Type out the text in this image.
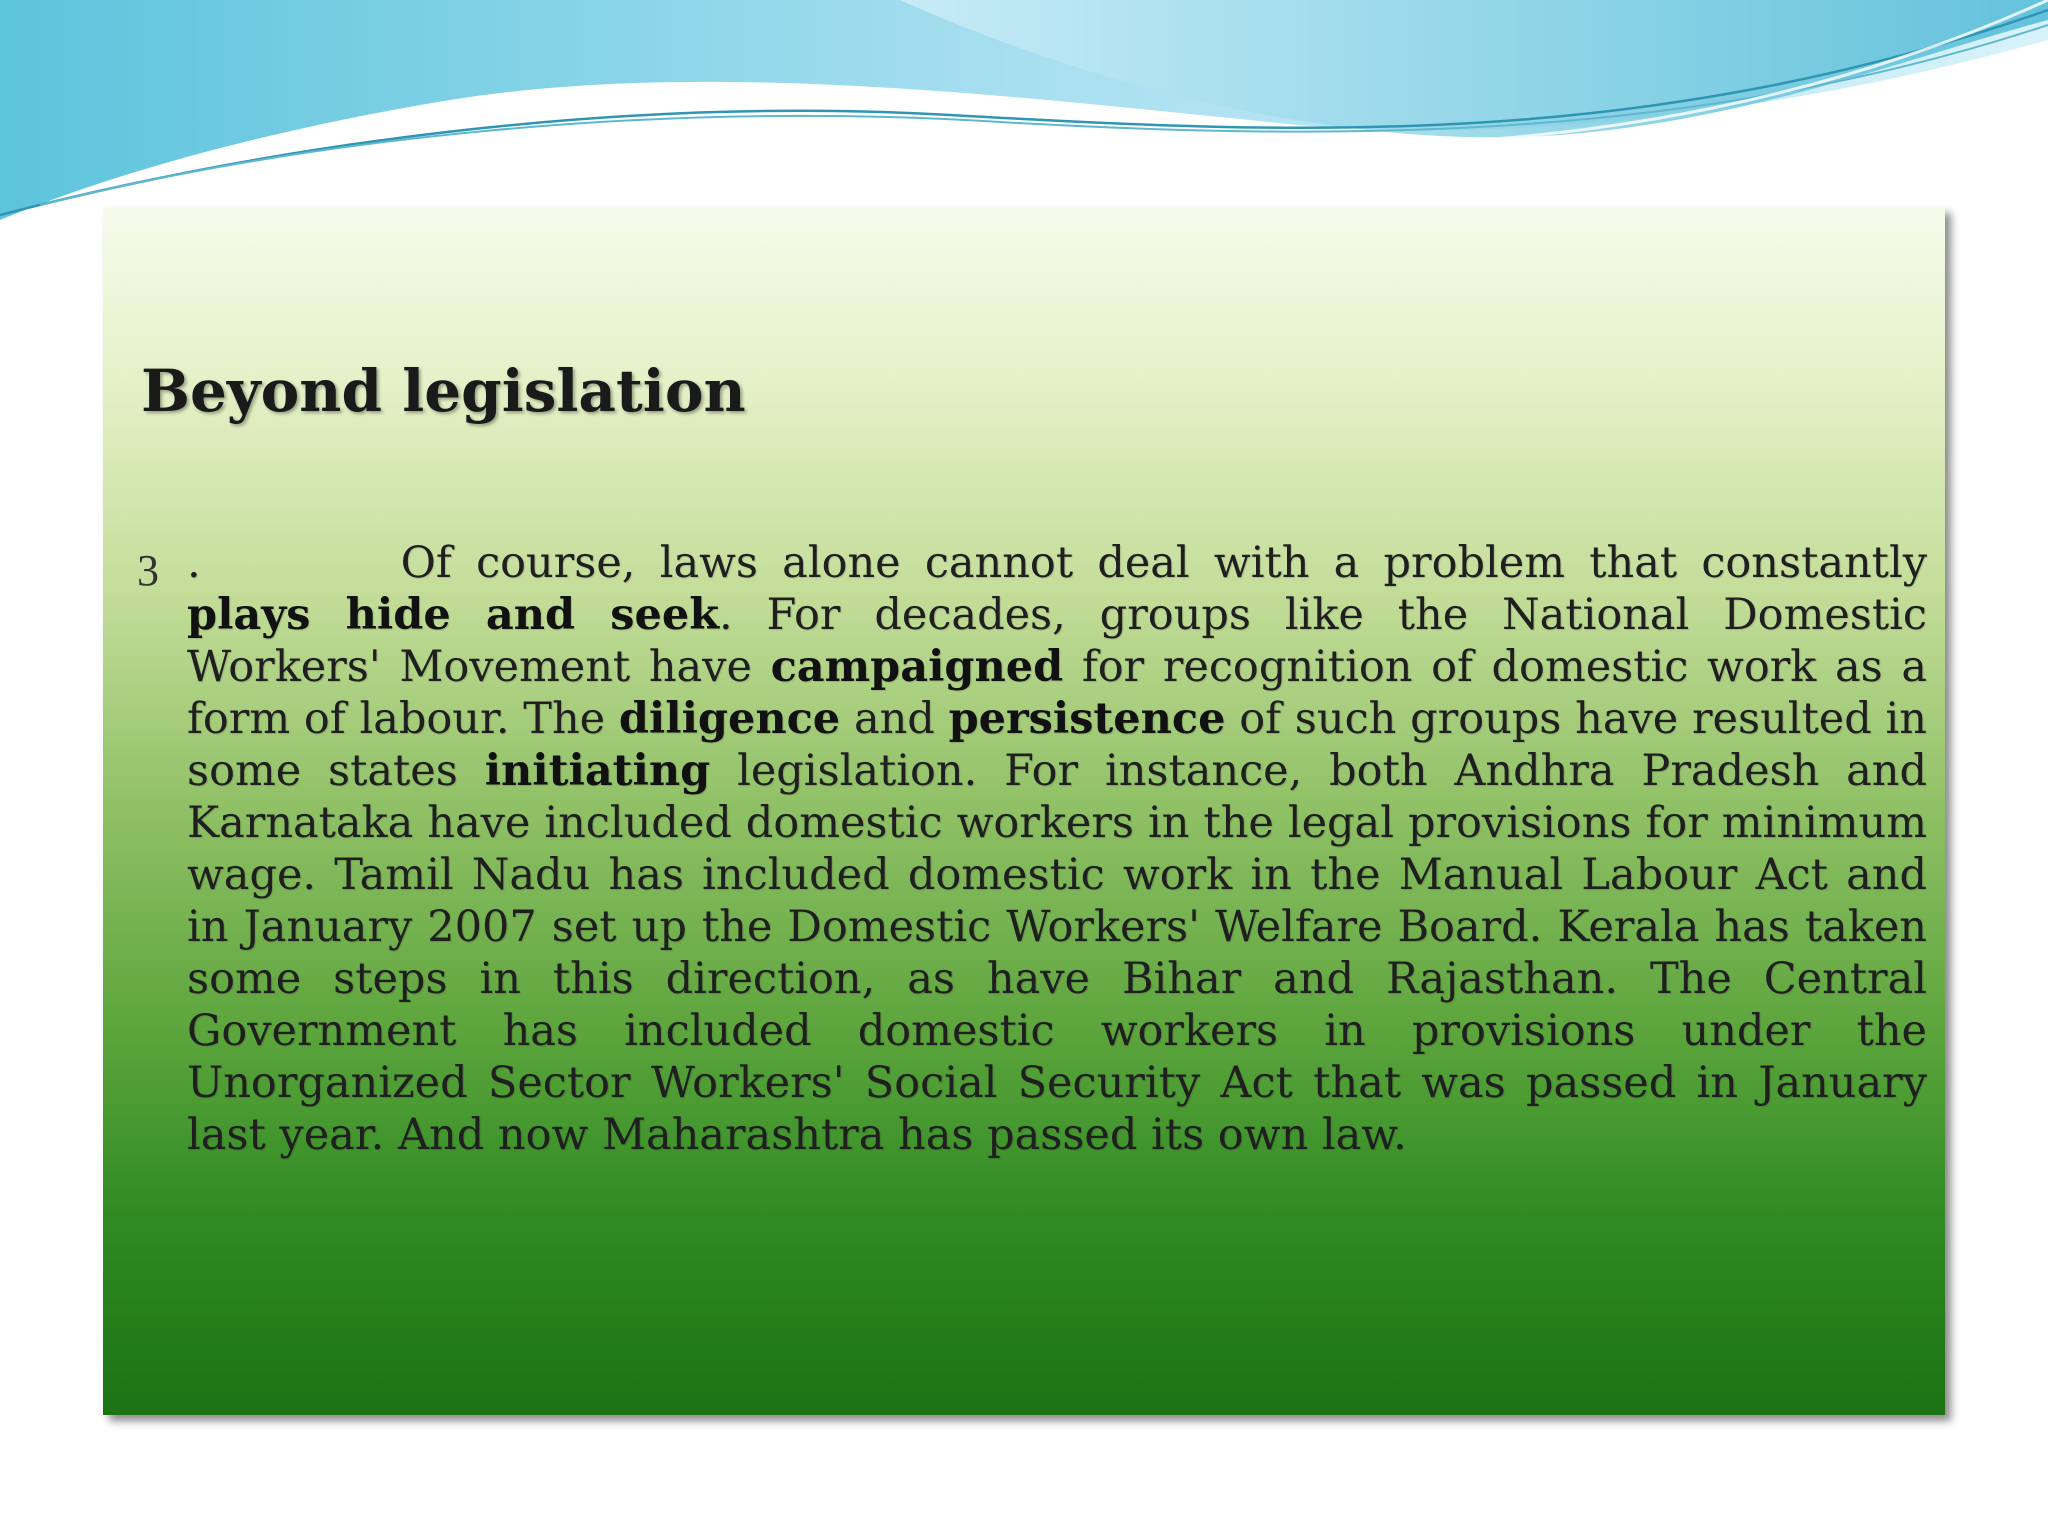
Beyond legislation
3 .	Of course, laws alone cannot deal with a problem that constantly plays hide and seek. For decades, groups like the National Domestic Workers' Movement have campaigned for recognition of domestic work as a form of labour. The diligence and persistence of such groups have resulted in some states initiating legislation. For instance, both Andhra Pradesh and Karnataka have included domestic workers in the legal provisions for minimum wage. Tamil Nadu has included domestic work in the Manual Labour Act and in January 2007 set up the Domestic Workers' Welfare Board. Kerala has taken some steps in this direction, as have Bihar and Rajasthan. The Central Government has included domestic workers in provisions under the Unorganized Sector Workers' Social Security Act that was passed in January last year. And now Maharashtra has passed its own law.
